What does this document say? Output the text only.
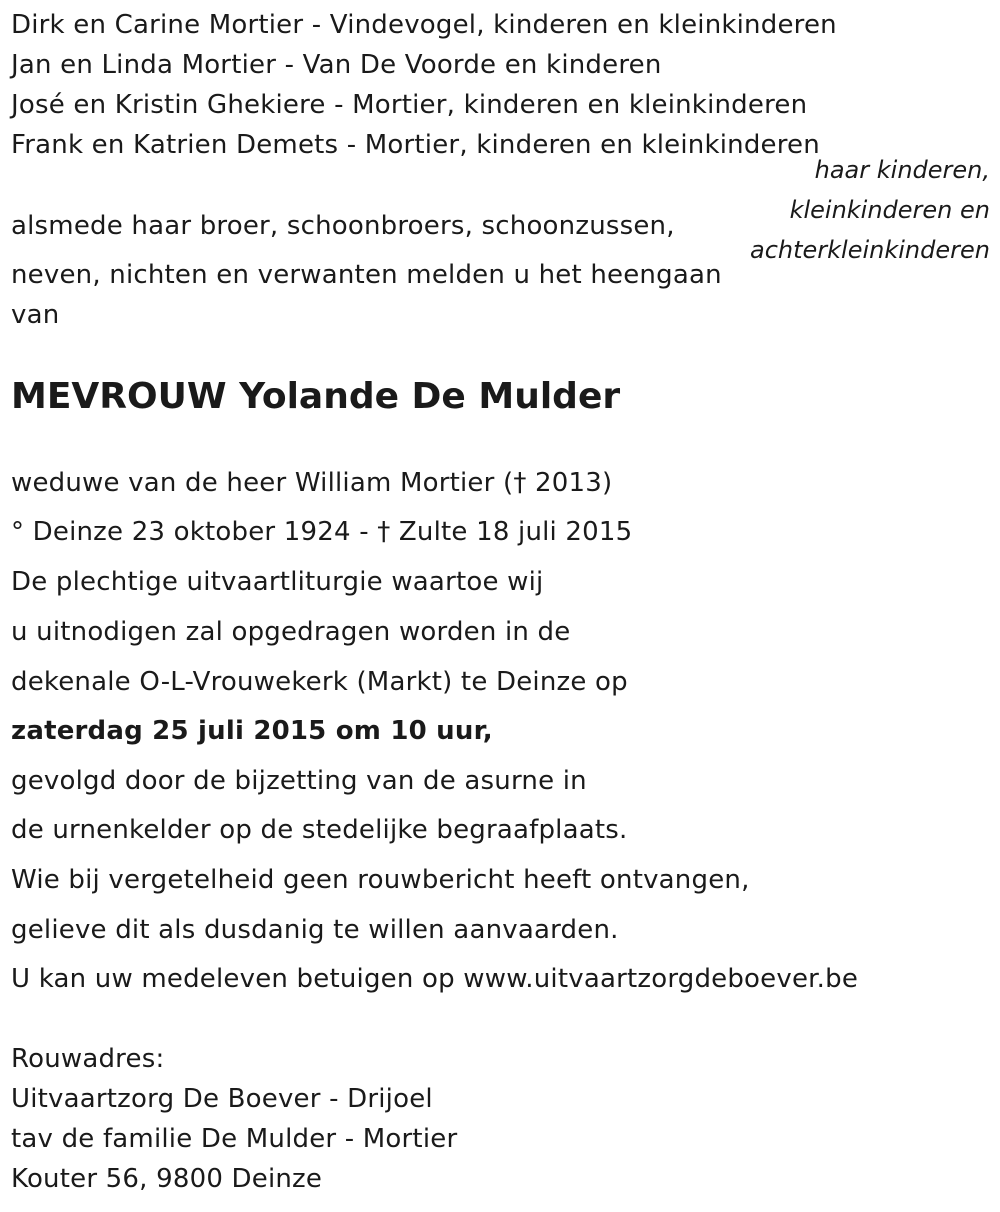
Dirk en Carine Mortier - Vindevogel, kinderen en kleinkinderen
Jan en Linda Mortier - Van De Voorde en kinderen
José en Kristin Ghekiere - Mortier, kinderen en kleinkinderen
Frank en Katrien Demets - Mortier, kinderen en kleinkinderen
haar kinderen,
kleinkinderen en
achterkleinkinderen
alsmede haar broer, schoonbroers, schoonzussen,
neven, nichten en verwanten melden u het heengaan
van
MEVROUW Yolande De Mulder
weduwe van de heer William Mortier († 2013)
° Deinze 23 oktober 1924 - † Zulte 18 juli 2015
De plechtige uitvaartliturgie waartoe wij
u uitnodigen zal opgedragen worden in de
dekenale O-L-Vrouwekerk (Markt) te Deinze op
zaterdag 25 juli 2015 om 10 uur,
gevolgd door de bijzetting van de asurne in
de urnenkelder op de stedelijke begraafplaats.
Wie bij vergetelheid geen rouwbericht heeft ontvangen,
gelieve dit als dusdanig te willen aanvaarden.
U kan uw medeleven betuigen op www.uitvaartzorgdeboever.be
Rouwadres:
Uitvaartzorg De Boever - Drijoel
tav de familie De Mulder - Mortier
Kouter 56, 9800 Deinze
